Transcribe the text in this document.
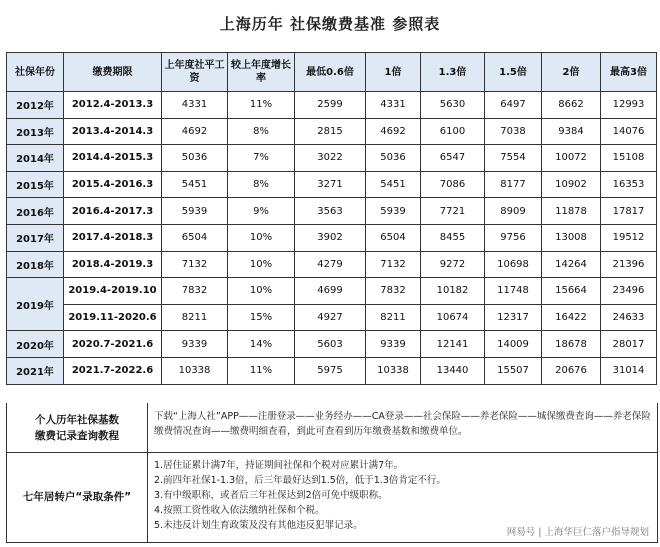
上海历年 社保缴费基准 参照表
社保年份	缴费期限	上年度社平工资	较上年度增长率	最低0.6倍	1倍	1.3倍	1.5倍	2倍	最高3倍
2012年	2012.4-2013.3	4331	11%	2599	4331	5630	6497	8662	12993
2013年	2013.4-2014.3	4692	8%	2815	4692	6100	7038	9384	14076
2014年	2014.4-2015.3	5036	7%	3022	5036	6547	7554	10072	15108
2015年	2015.4-2016.3	5451	8%	3271	5451	7086	8177	10902	16353
2016年	2016.4-2017.3	5939	9%	3563	5939	7721	8909	11878	17817
2017年	2017.4-2018.3	6504	10%	3902	6504	8455	9756	13008	19512
2018年	2018.4-2019.3	7132	10%	4279	7132	9272	10698	14264	21396
2019年	2019.4-2019.10	7832	10%	4699	7832	10182	11748	15664	23496
	2019.11-2020.6	8211	15%	4927	8211	10674	12317	16422	24633
2020年	2020.7-2021.6	9339	14%	5603	9339	12141	14009	18678	28017
2021年	2021.7-2022.6	10338	11%	5975	10338	13440	15507	20676	31014
个人历年社保基数
缴费记录查询教程
下载“上海人社”APP——注册登录——业务经办——CA登录——社会保险——养老保险——城保缴费查询——养老保险缴费情况查询——缴费明细查看，到此可查看到历年缴费基数和缴费单位。
七年居转户“录取条件”
1.居住证累计满7年，持证期间社保和个税对应累计满7年。
2.前四年社保1-1.3倍，后三年最好达到1.5倍，低于1.3倍肯定不行。
3.有中级职称，或者后三年社保达到2倍可免中级职称。
4.按照工资性收入依法缴纳社保和个税。
5.未违反计划生育政策及没有其他违反犯罪记录。
网易号 | 上海华巨仁落户指导规划
